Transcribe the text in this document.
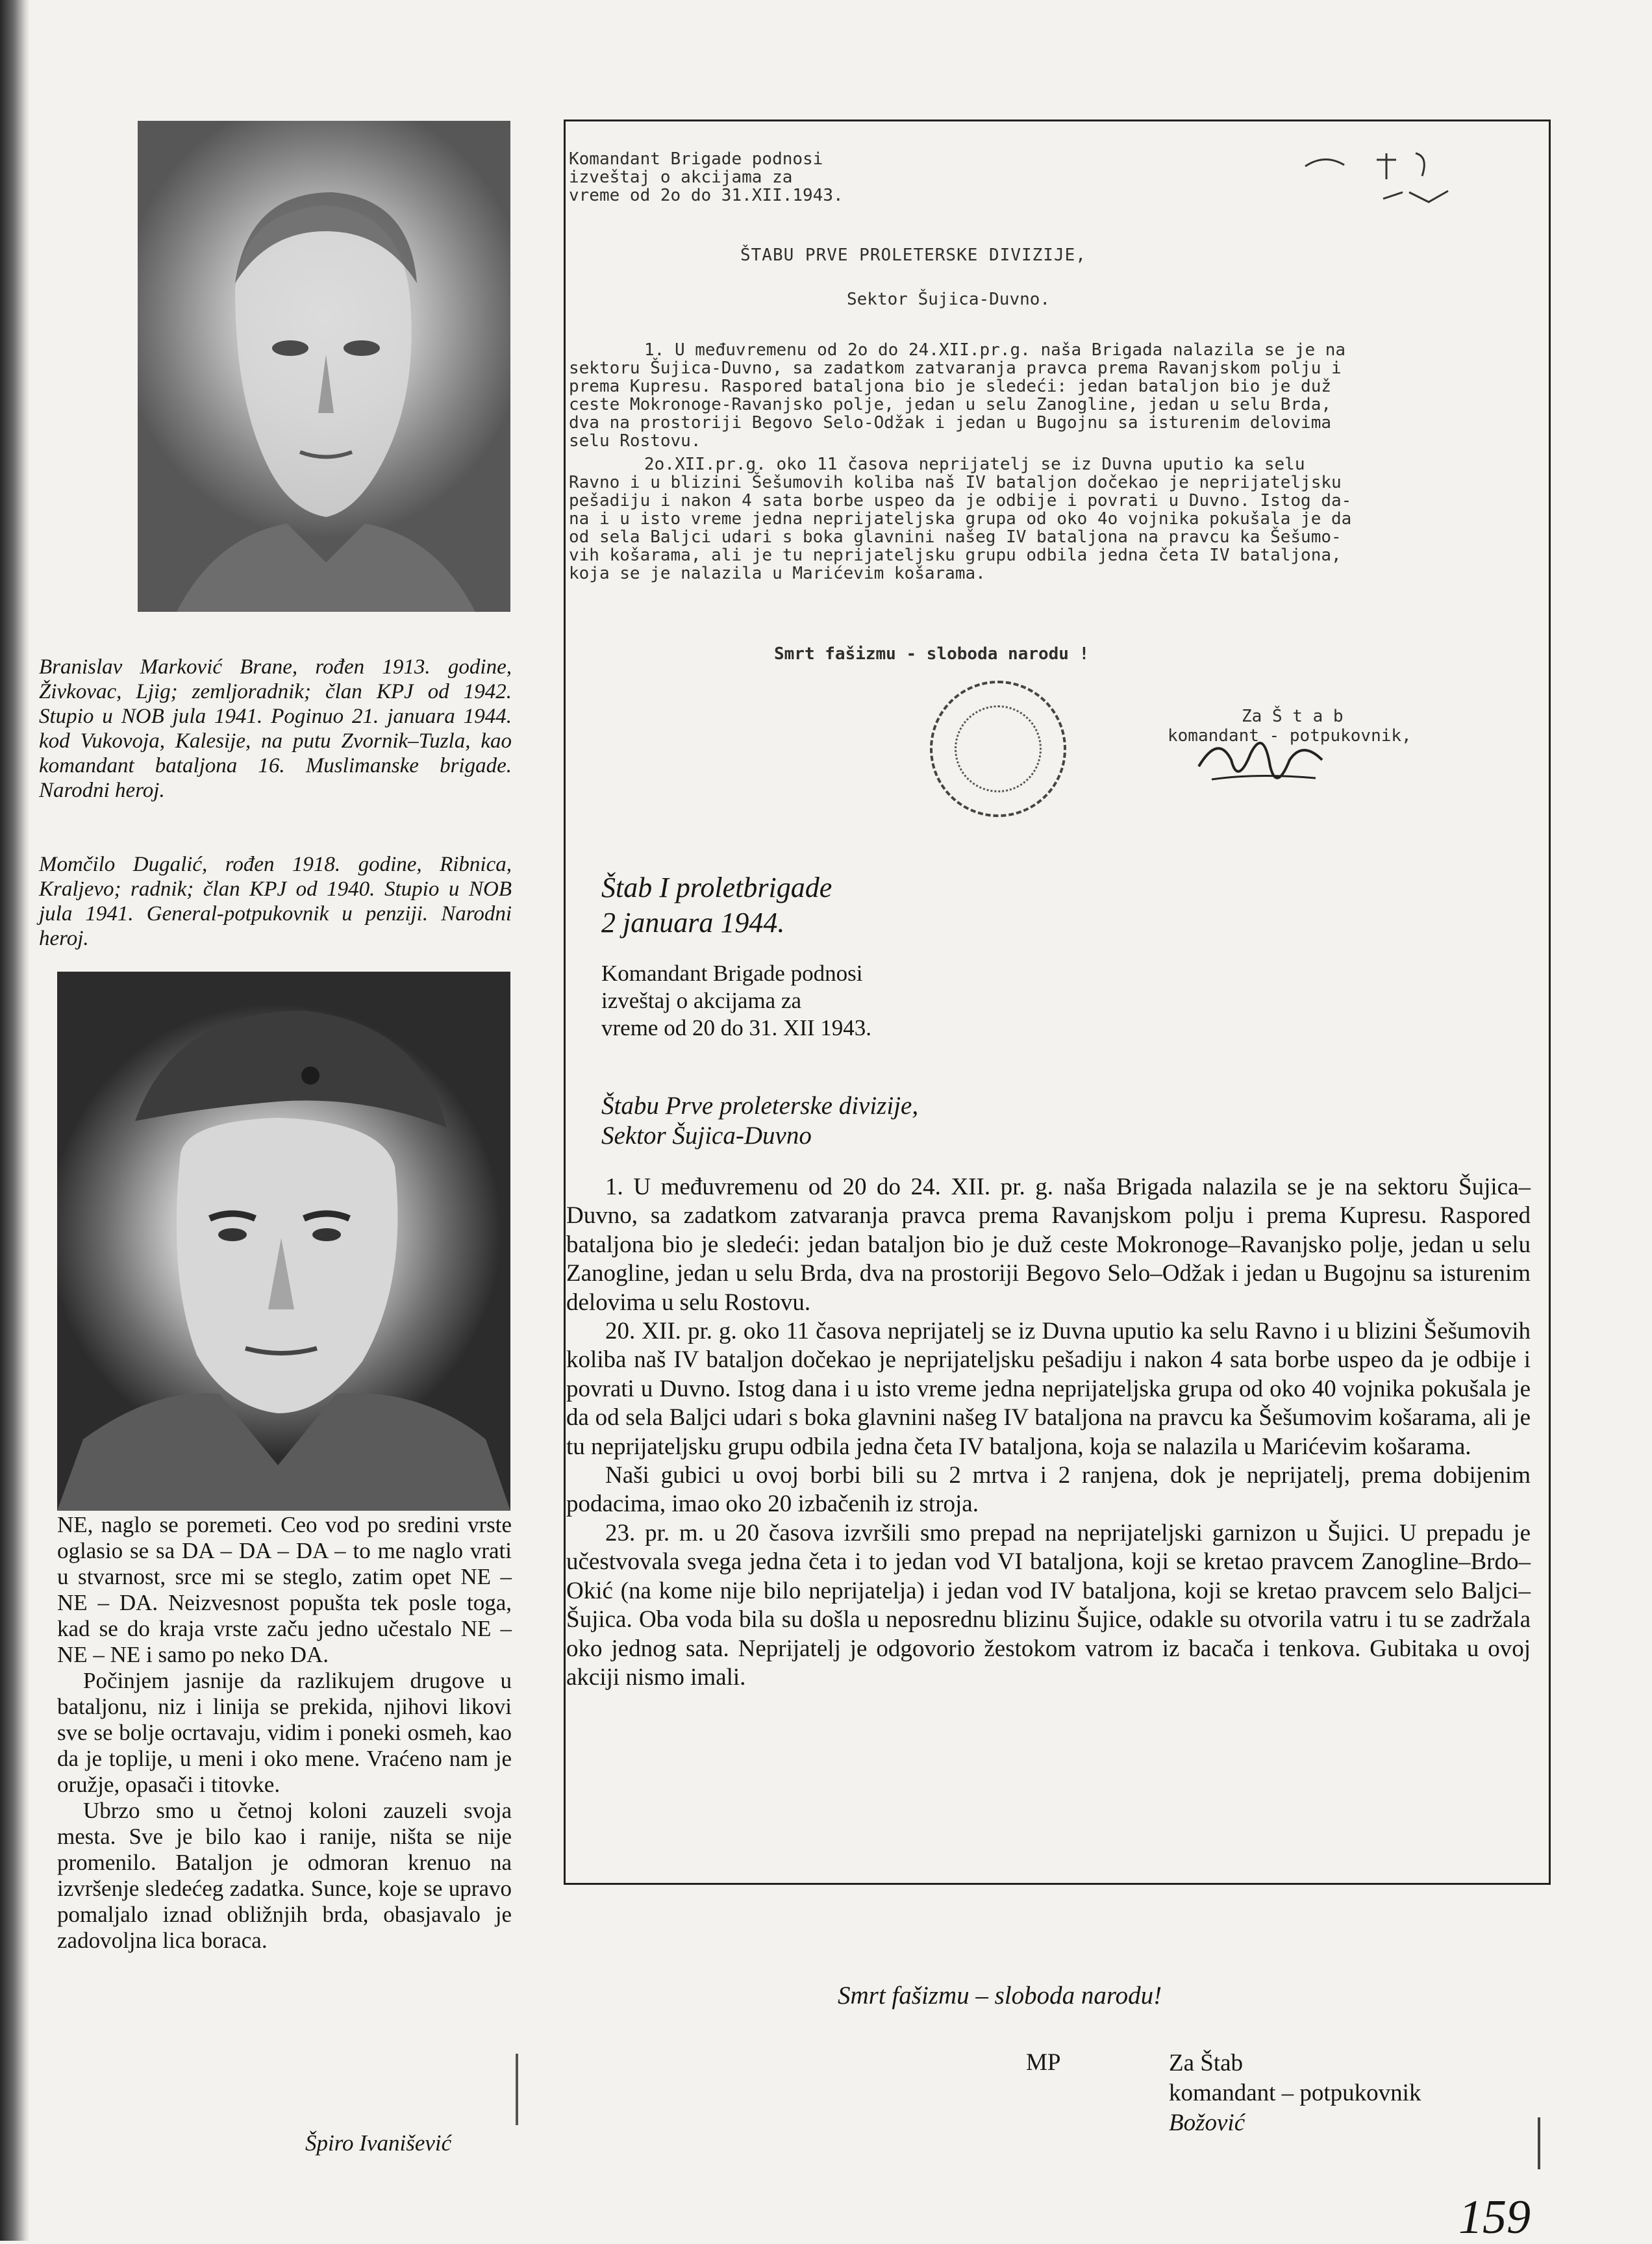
Branislav Marković Brane, rođen 1913. godine, Živkovac, Ljig; zemljoradnik; član KPJ od 1942. Stupio u NOB jula 1941. Poginuo 21. januara 1944. kod Vukovoja, Kalesije, na putu Zvornik–Tuzla, kao komandant bataljona 16. Muslimanske brigade. Narodni heroj.
Momčilo Dugalić, rođen 1918. godine, Ribnica, Kraljevo; radnik; član KPJ od 1940. Stupio u NOB jula 1941. General-potpukovnik u penziji. Narodni heroj.

NE, naglo se poremeti. Ceo vod po sredini vrste oglasio se sa DA – DA – DA – to me naglo vrati u stvarnost, srce mi se steglo, zatim opet NE – NE – DA. Neizvesnost popušta tek posle toga, kad se do kraja vrste začu jedno učestalo NE – NE – NE i samo po neko DA.

Počinjem jasnije da razlikujem drugove u bataljonu, niz i linija se prekida, njihovi likovi sve se bolje ocrtavaju, vidim i poneki osmeh, kao da je toplije, u meni i oko mene. Vraćeno nam je oružje, opasači i titovke.

Ubrzo smo u četnoj koloni zauzeli svoja mesta. Sve je bilo kao i ranije, ništa se nije promenilo. Bataljon je odmoran krenuo na izvršenje sledećeg zadatka. Sunce, koje se upravo pomaljalo iznad obližnjih brda, obasjavalo je zadovoljna lica boraca.

Špiro Ivanišević
Komandant Brigade podnosi
izveštaj o akcijama za
vreme od 2o do 31.XII.1943.
ŠTABU PRVE PROLETERSKE DIVIZIJE,
Sektor Šujica-Duvno.
1. U međuvremenu od 2o do 24.XII.pr.g. naša Brigada nalazila se je na
sektoru Šujica-Duvno, sa zadatkom zatvaranja pravca prema Ravanjskom polju i
prema Kupresu. Raspored bataljona bio je sledeći: jedan bataljon bio je duž
ceste Mokronoge-Ravanjsko polje, jedan u selu Zanogline, jedan u selu Brda,
dva na prostoriji Begovo Selo-Odžak i jedan u Bugojnu sa isturenim delovima
selu Rostovu.
2o.XII.pr.g. oko 11 časova neprijatelj se iz Duvna uputio ka selu
Ravno i u blizini Šešumovih koliba naš IV bataljon dočekao je neprijateljsku
pešadiju i nakon 4 sata borbe uspeo da je odbije i povrati u Duvno. Istog da-
na i u isto vreme jedna neprijateljska grupa od oko 4o vojnika pokušala je da
od sela Baljci udari s boka glavnini našeg IV bataljona na pravcu ka Šešumo-
vih košarama, ali je tu neprijateljsku grupu odbila jedna četa IV bataljona,
koja se je nalazila u Marićevim košarama.
Smrt fašizmu - sloboda narodu !
Za Š t a b
komandant - potpukovnik,
Štab I proletbrigade
2 januara 1944.
Komandant Brigade podnosi
izveštaj o akcijama za
vreme od 20 do 31. XII 1943.
Štabu Prve proleterske divizije,
Sektor Šujica-Duvno

1. U međuvremenu od 20 do 24. XII. pr. g. naša Brigada nalazila se je na sektoru Šujica–Duvno, sa zadatkom zatvaranja pravca prema Ravanjskom polju i prema Kupresu. Raspored bataljona bio je sledeći: jedan bataljon bio je duž ceste Mokronoge–Ravanjsko polje, jedan u selu Zanogline, jedan u selu Brda, dva na prostoriji Begovo Selo–Odžak i jedan u Bugojnu sa isturenim delovima u selu Rostovu.

20. XII. pr. g. oko 11 časova neprijatelj se iz Duvna uputio ka selu Ravno i u blizini Šešumovih koliba naš IV bataljon dočekao je neprijateljsku pešadiju i nakon 4 sata borbe uspeo da je odbije i povrati u Duvno. Istog dana i u isto vreme jedna neprijateljska grupa od oko 40 vojnika pokušala je da od sela Baljci udari s boka glavnini našeg IV bataljona na pravcu ka Šešumovim košarama, ali je tu neprijateljsku grupu odbila jedna četa IV bataljona, koja se nalazila u Marićevim košarama.

Naši gubici u ovoj borbi bili su 2 mrtva i 2 ranjena, dok je neprijatelj, prema dobijenim podacima, imao oko 20 izbačenih iz stroja.

23. pr. m. u 20 časova izvršili smo prepad na neprijateljski garnizon u Šujici. U prepadu je učestvovala svega jedna četa i to jedan vod VI bataljona, koji se kretao pravcem Zanogline–Brdo–Okić (na kome nije bilo neprijatelja) i jedan vod IV bataljona, koji se kretao pravcem selo Baljci–Šujica. Oba voda bila su došla u neposrednu blizinu Šujice, odakle su otvorila vatru i tu se zadržala oko jednog sata. Neprijatelj je odgovorio žestokom vatrom iz bacača i tenkova. Gubitaka u ovoj akciji nismo imali.

Smrt fašizmu – sloboda narodu!
MP	Za Štab
komandant – potpukovnik
Božović
159
